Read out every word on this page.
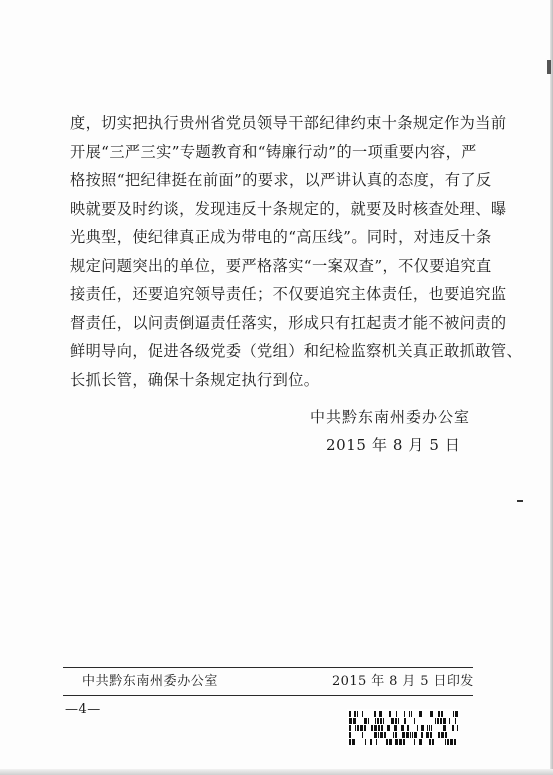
度，切实把执行贵州省党员领导干部纪律约束十条规定作为当前
开展“三严三实”专题教育和“铸廉行动”的一项重要内容，严
格按照“把纪律挺在前面”的要求，以严讲认真的态度，有了反
映就要及时约谈，发现违反十条规定的，就要及时核查处理、曝
光典型，使纪律真正成为带电的“高压线”。同时，对违反十条
规定问题突出的单位，要严格落实“一案双查”，不仅要追究直
接责任，还要追究领导责任；不仅要追究主体责任，也要追究监
督责任，以问责倒逼责任落实，形成只有扛起责才能不被问责的
鲜明导向，促进各级党委（党组）和纪检监察机关真正敢抓敢管、
长抓长管，确保十条规定执行到位。

中共黔东南州委办公室

2015 年 8 月 5 日

中共黔东南州委办公室	2015 年 8 月 5 日印发

—4—
